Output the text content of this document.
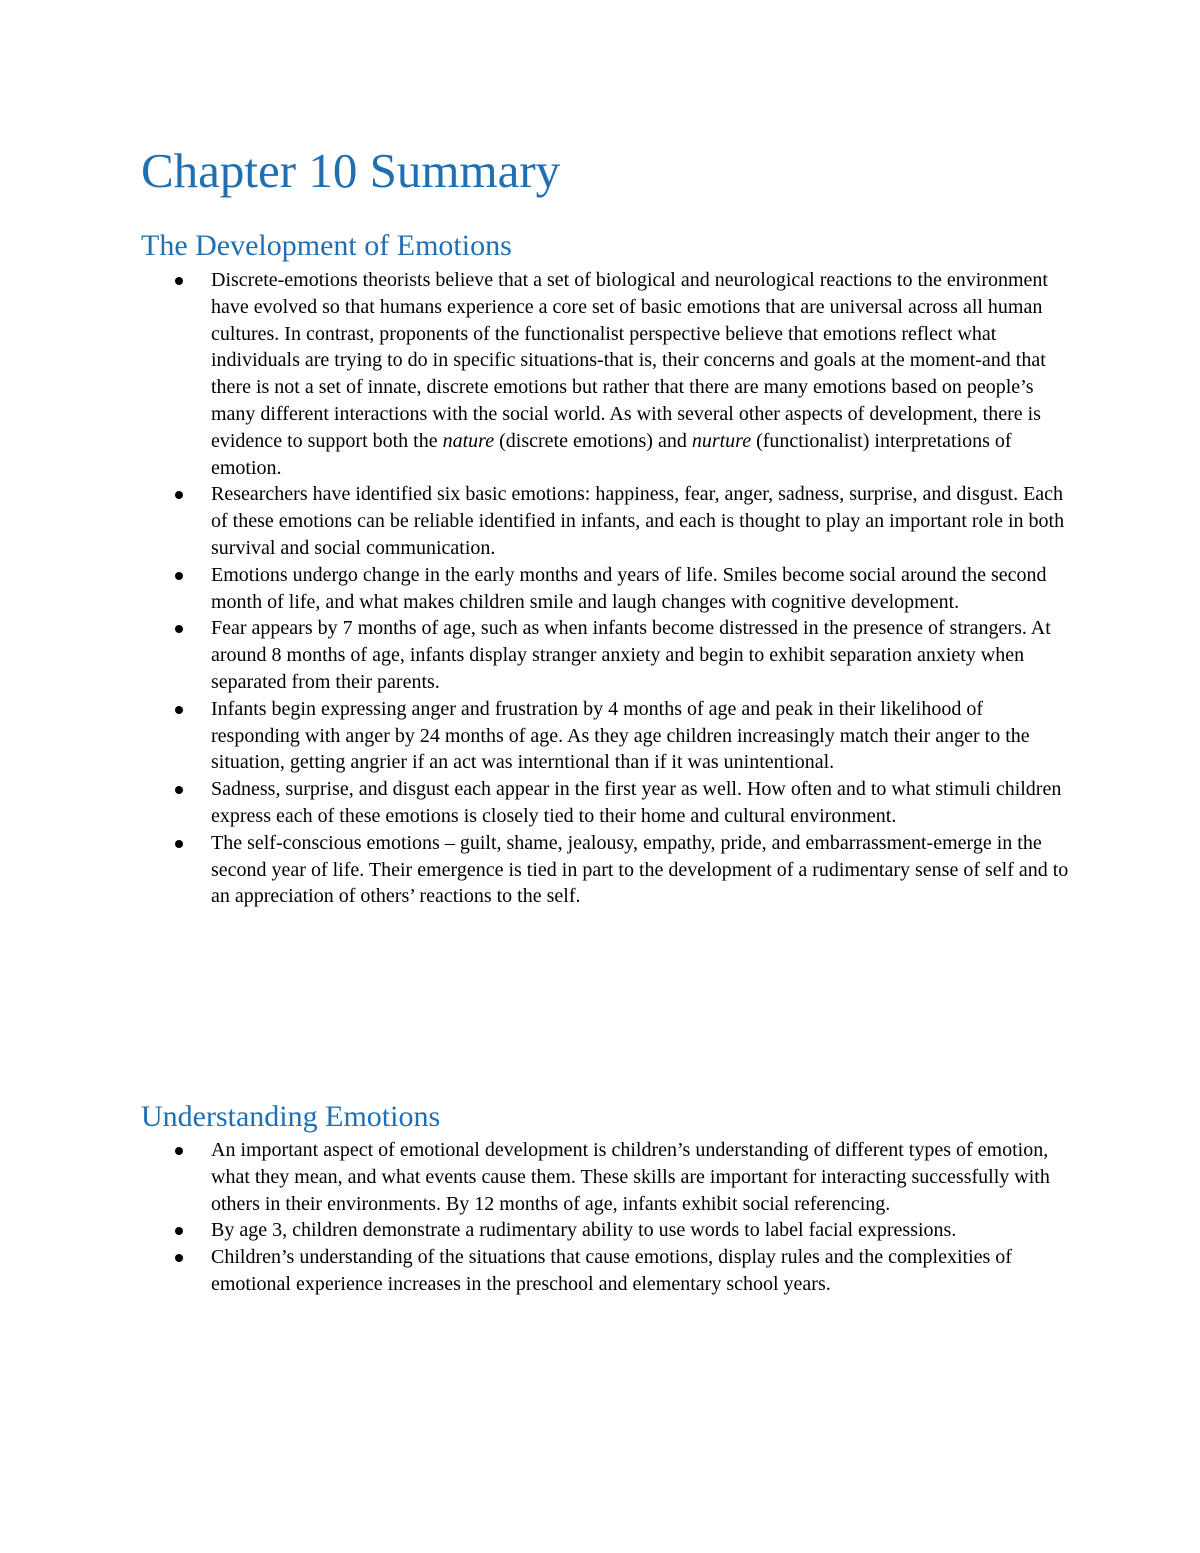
Chapter 10 Summary
The Development of Emotions
Discrete-emotions theorists believe that a set of biological and neurological reactions to the environment have evolved so that humans experience a core set of basic emotions that are universal across all human cultures. In contrast, proponents of the functionalist perspective believe that emotions reflect what individuals are trying to do in specific situations-that is, their concerns and goals at the moment-and that there is not a set of innate, discrete emotions but rather that there are many emotions based on people’s many different interactions with the social world. As with several other aspects of development, there is evidence to support both the nature (discrete emotions) and nurture (functionalist) interpretations of emotion.
Researchers have identified six basic emotions: happiness, fear, anger, sadness, surprise, and disgust. Each of these emotions can be reliable identified in infants, and each is thought to play an important role in both survival and social communication.
Emotions undergo change in the early months and years of life. Smiles become social around the second month of life, and what makes children smile and laugh changes with cognitive development.
Fear appears by 7 months of age, such as when infants become distressed in the presence of strangers. At around 8 months of age, infants display stranger anxiety and begin to exhibit separation anxiety when separated from their parents.
Infants begin expressing anger and frustration by 4 months of age and peak in their likelihood of responding with anger by 24 months of age. As they age children increasingly match their anger to the situation, getting angrier if an act was interntional than if it was unintentional.
Sadness, surprise, and disgust each appear in the first year as well. How often and to what stimuli children express each of these emotions is closely tied to their home and cultural environment.
The self-conscious emotions – guilt, shame, jealousy, empathy, pride, and embarrassment-emerge in the second year of life. Their emergence is tied in part to the development of a rudimentary sense of self and to an appreciation of others’ reactions to the self.
Understanding Emotions
An important aspect of emotional development is children’s understanding of different types of emotion, what they mean, and what events cause them. These skills are important for interacting successfully with others in their environments. By 12 months of age, infants exhibit social referencing.
By age 3, children demonstrate a rudimentary ability to use words to label facial expressions.
Children’s understanding of the situations that cause emotions, display rules and the complexities of emotional experience increases in the preschool and elementary school years.
